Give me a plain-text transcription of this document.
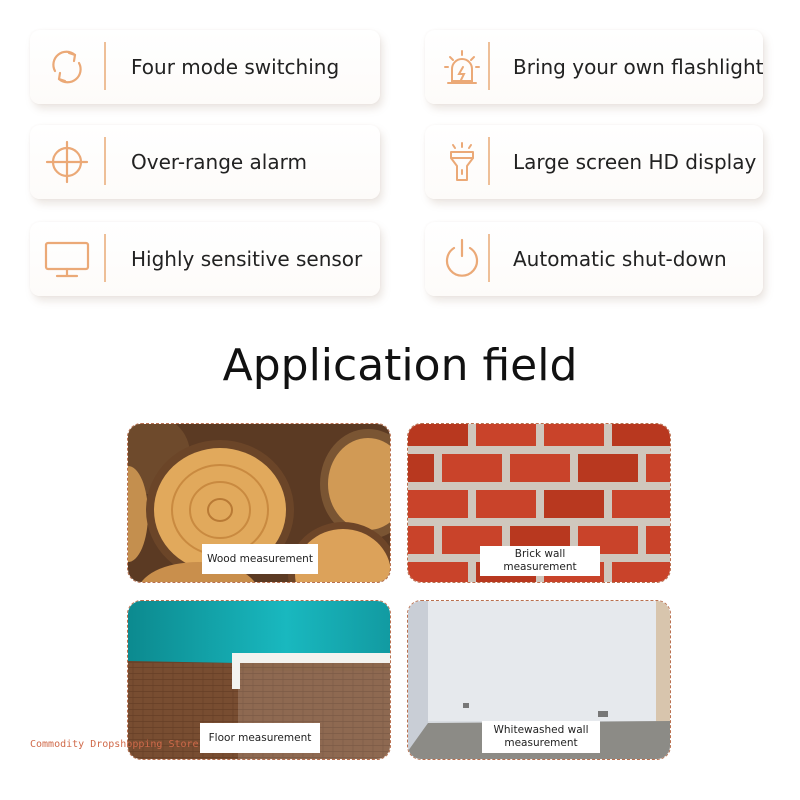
Four mode switching	Bring your own flashlight
Over-range alarm	Large screen HD display
Highly sensitive sensor	Automatic shut-down
Application field
Wood measurement	Brick wall measurement
Floor measurement
Whitewashed wall measurement
Commodity Dropshopping Store
